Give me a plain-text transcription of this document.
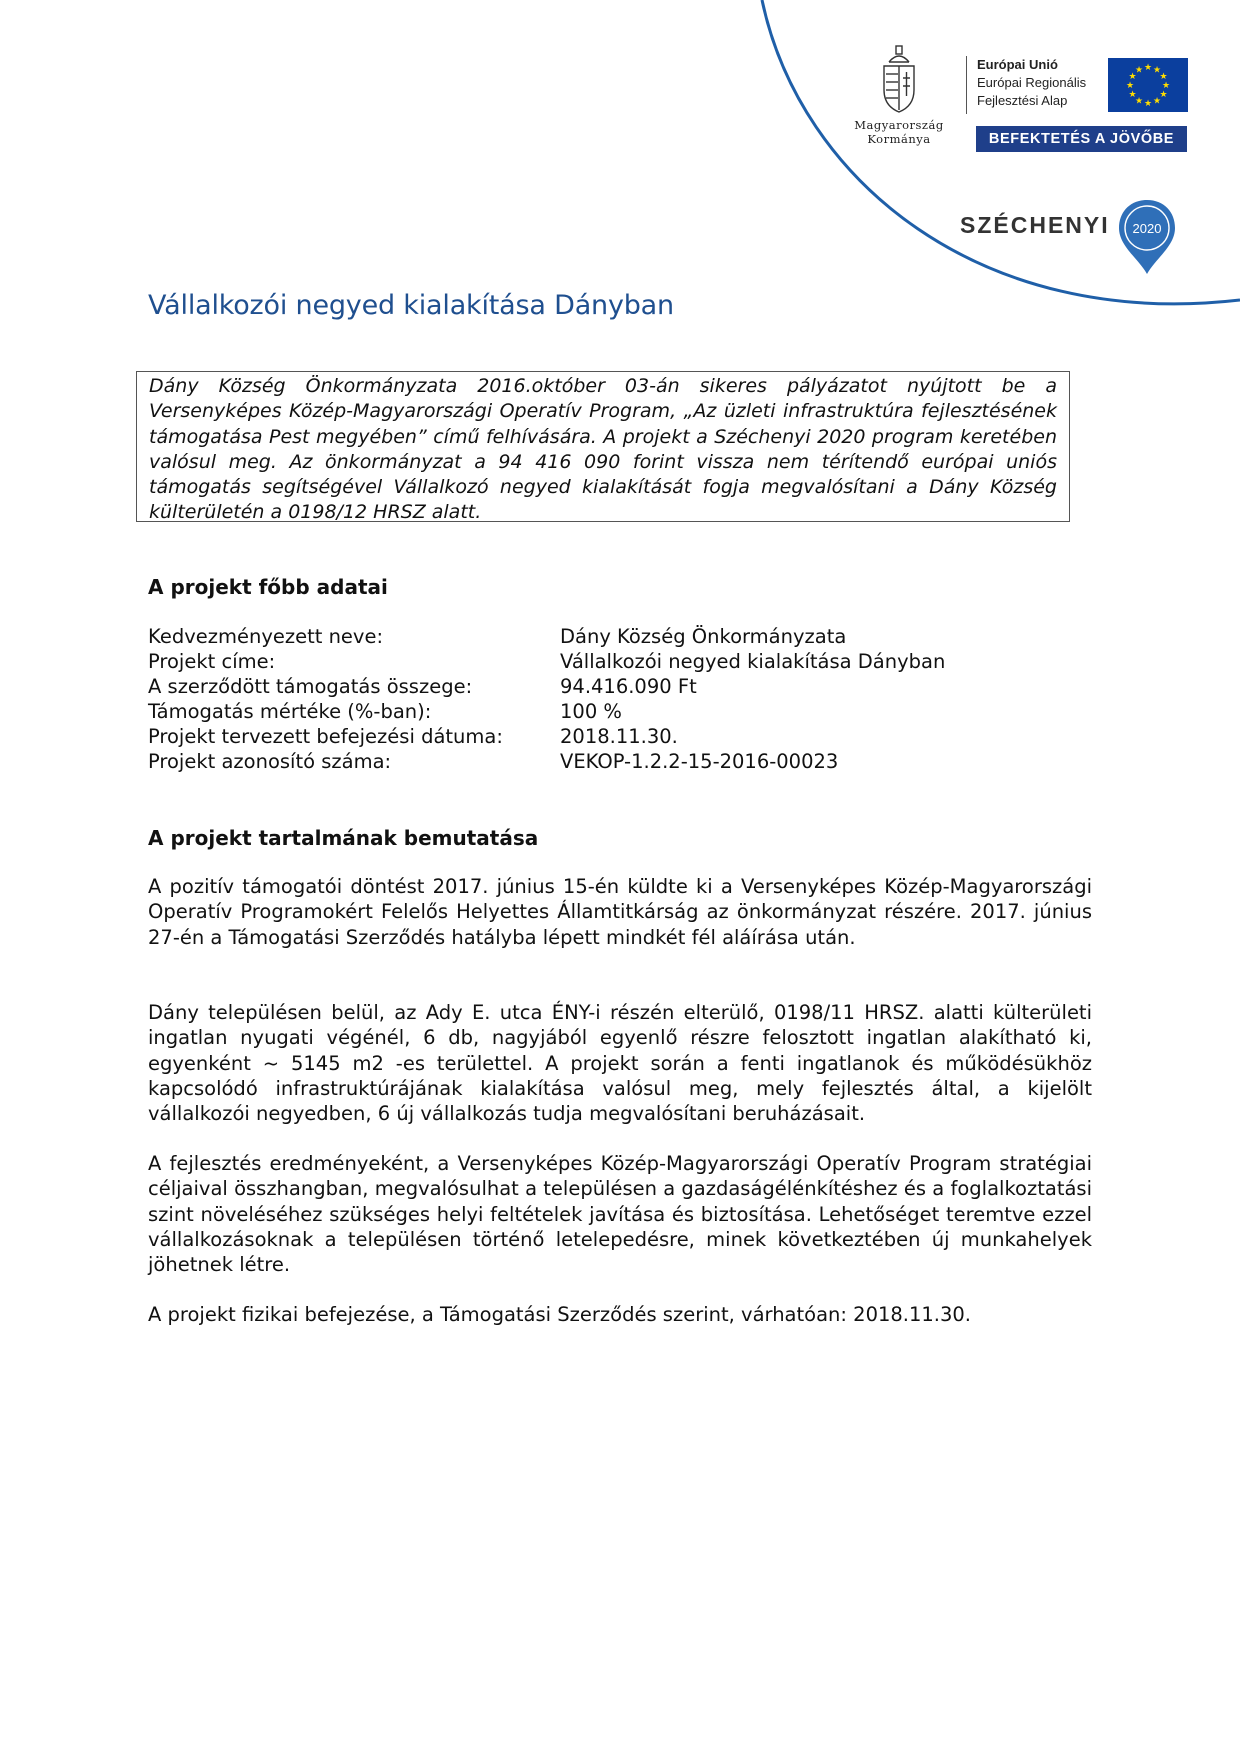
Magyarország
Kormánya
Európai Unió
Európai Regionális
Fejlesztési Alap
★ ★
★
★
★
★
★
★
★
★
★
★
BEFEKTETÉS A JÖVŐBE
SZÉCHENYI 2020
Vállalkozói negyed kialakítása Dányban
Dány Község Önkormányzata 2016.október 03-án sikeres pályázatot nyújtott be a Versenyképes Közép-Magyarországi Operatív Program, „Az üzleti infrastruktúra fejlesztésének támogatása Pest megyében” című felhívására. A projekt a Széchenyi 2020 program keretében valósul meg. Az önkormányzat a 94 416 090 forint vissza nem térítendő európai uniós támogatás segítségével Vállalkozó negyed kialakítását fogja megvalósítani a Dány Község külterületén a 0198/12 HRSZ alatt.
A projekt főbb adatai
Kedvezményezett neve:	Dány Község Önkormányzata
Projekt címe:	Vállalkozói negyed kialakítása Dányban
A szerződött támogatás összege:	94.416.090 Ft
Támogatás mértéke (%-ban):	100 %
Projekt tervezett befejezési dátuma:	2018.11.30.
Projekt azonosító száma:	VEKOP-1.2.2-15-2016-00023
A projekt tartalmának bemutatása

A pozitív támogatói döntést 2017. június 15-én küldte ki a Versenyképes Közép-Magyarországi Operatív Programokért Felelős Helyettes Államtitkárság az önkormányzat részére. 2017. június 27-én a Támogatási Szerződés hatályba lépett mindkét fél aláírása után.

Dány településen belül, az Ady E. utca ÉNY-i részén elterülő, 0198/11 HRSZ. alatti külterületi ingatlan nyugati végénél, 6 db, nagyjából egyenlő részre felosztott ingatlan alakítható ki, egyenként ~ 5145 m2 -es területtel. A projekt során a fenti ingatlanok és működésükhöz kapcsolódó infrastruktúrájának kialakítása valósul meg, mely fejlesztés által, a kijelölt vállalkozói negyedben, 6 új vállalkozás tudja megvalósítani beruházásait.

A fejlesztés eredményeként, a Versenyképes Közép-Magyarországi Operatív Program stratégiai céljaival összhangban, megvalósulhat a településen a gazdaságélénkítéshez és a foglalkoztatási szint növeléséhez szükséges helyi feltételek javítása és biztosítása. Lehetőséget teremtve ezzel vállalkozásoknak a településen történő letelepedésre, minek következtében új munkahelyek jöhetnek létre.

A projekt fizikai befejezése, a Támogatási Szerződés szerint, várhatóan: 2018.11.30.
